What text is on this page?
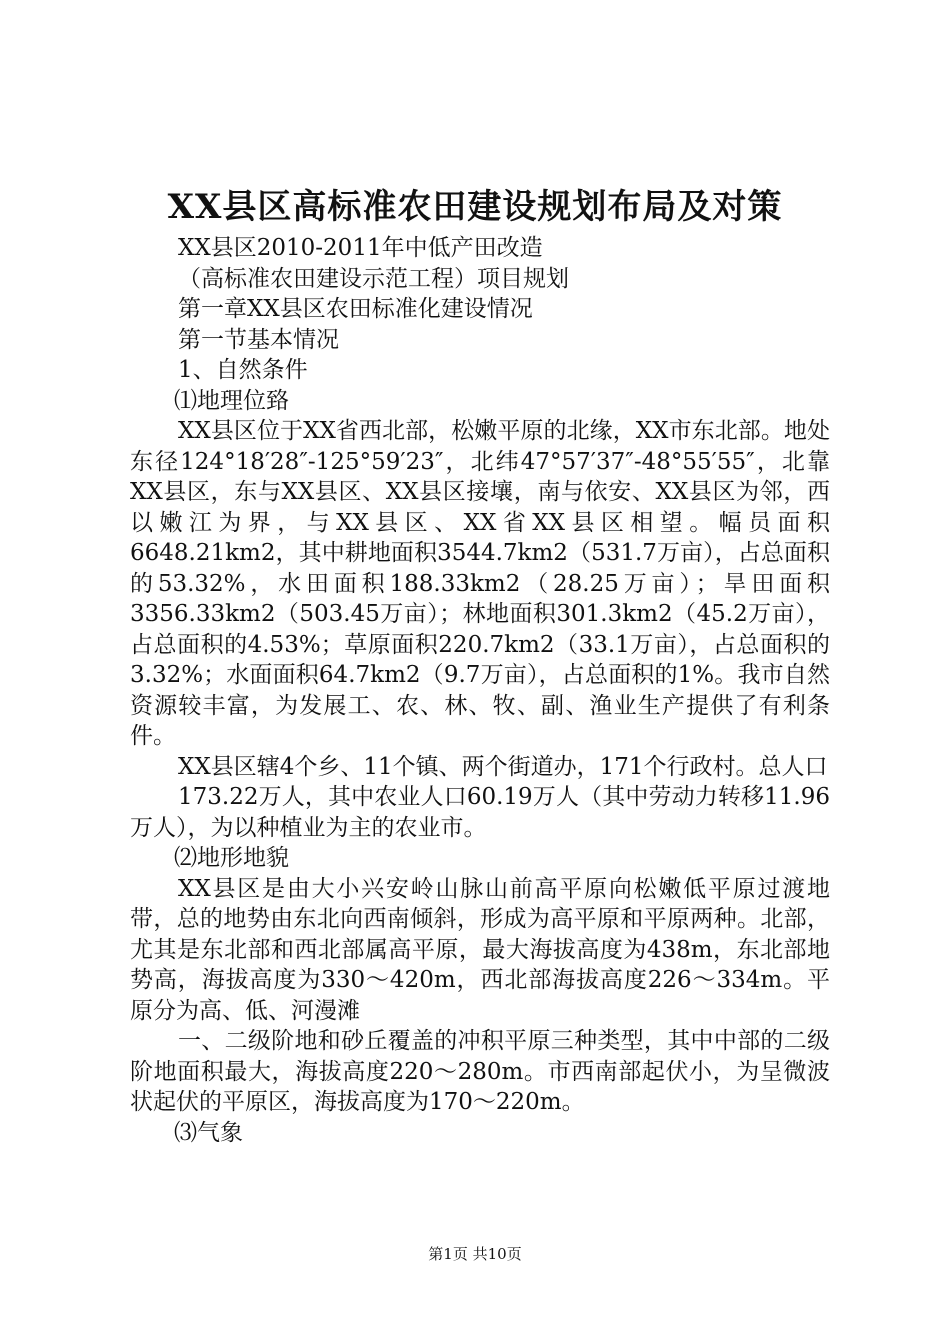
XX县区高标准农田建设规划布局及对策

XX县区2010-2011年中低产田改造

（高标准农田建设示范工程）项目规划

第一章XX县区农田标准化建设情况

第一节基本情况

1、自然条件

⑴地理位臵

XX县区位于XX省西北部，松嫩平原的北缘，XX市东北部。地处东径124°18′28″-125°59′23″，北纬47°57′37″-48°55′55″，北靠XX县区，东与XX县区、XX县区接壤，南与依安、XX县区为邻，西以嫩江为界，与XX县区、XX省XX县区相望。幅员面积6648.21km2，其中耕地面积3544.7km2（531.7万亩），占总面积的53.32%，水田面积188.33km2（28.25万亩）；旱田面积3356.33km2（503.45万亩）；林地面积301.3km2（45.2万亩），占总面积的4.53%；草原面积220.7km2（33.1万亩），占总面积的3.32%；水面面积64.7km2（9.7万亩），占总面积的1%。我市自然资源较丰富，为发展工、农、林、牧、副、渔业生产提供了有利条件。

XX县区辖4个乡、11个镇、两个街道办，171个行政村。总人口

173.22万人，其中农业人口60.19万人（其中劳动力转移11.96万人），为以种植业为主的农业市。

⑵地形地貌

XX县区是由大小兴安岭山脉山前高平原向松嫩低平原过渡地带，总的地势由东北向西南倾斜，形成为高平原和平原两种。北部，尤其是东北部和西北部属高平原，最大海拔高度为438m，东北部地势高，海拔高度为330～420m，西北部海拔高度226～334m。平原分为高、低、河漫滩

一、二级阶地和砂丘覆盖的冲积平原三种类型，其中中部的二级阶地面积最大，海拔高度220～280m。市西南部起伏小，为呈微波状起伏的平原区，海拔高度为170～220m。

⑶气象

第1页 共10页
